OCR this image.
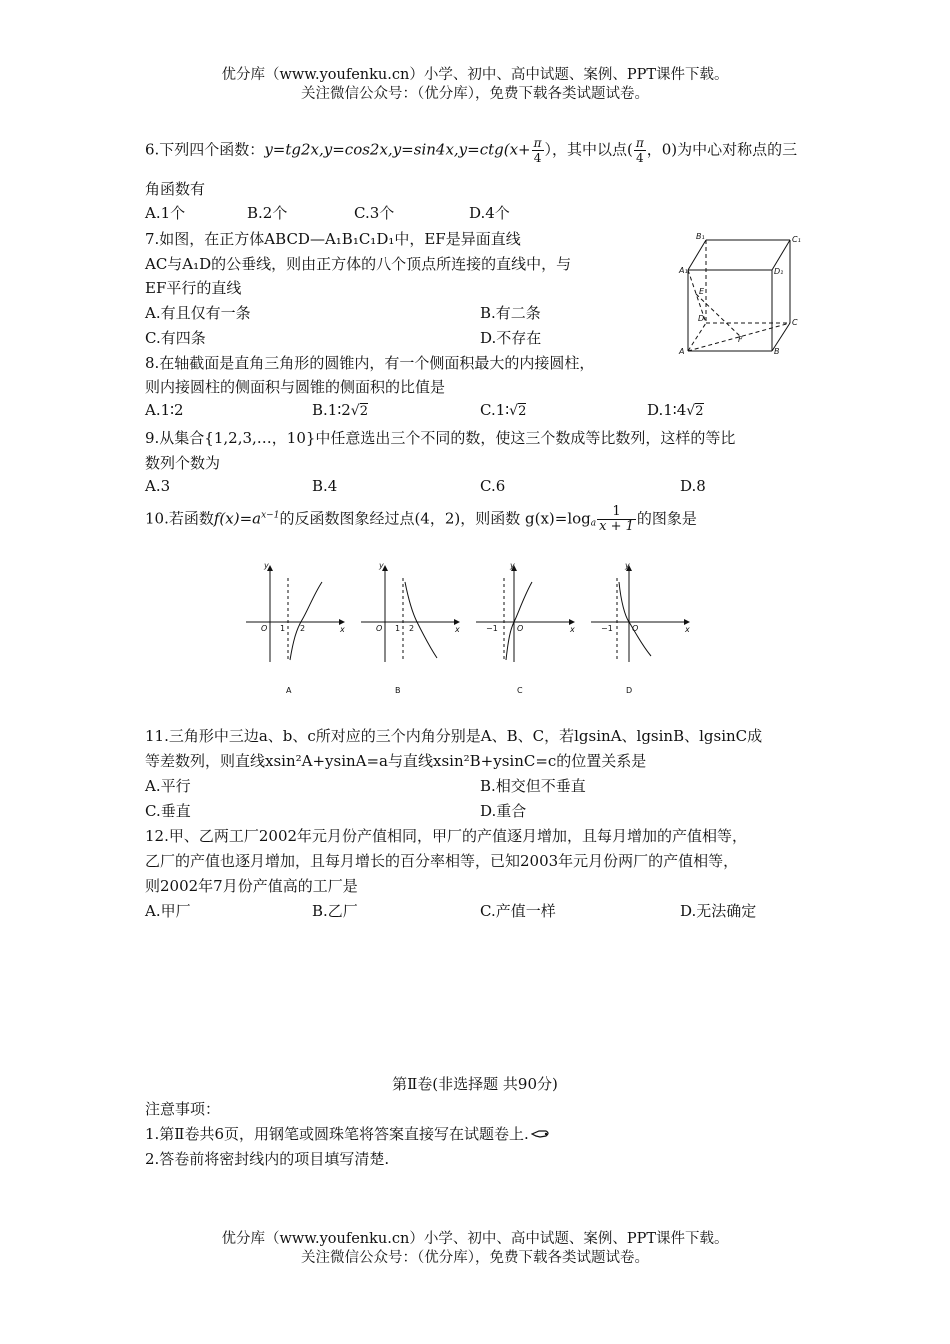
优分库（www.youfenku.cn）小学、初中、高中试题、案例、PPT课件下载。
关注微信公众号：（优分库），免费下载各类试题试卷。
6.下列四个函数：$y=tg2x,y=\cos 2x,y=\sin 4x,y=ctg(x+ \frac{\pi}{4}$ ），其中以点( $\frac{\pi}{4}$ ，0)为中心对称点的三
角函数有
A.1个	B.2个	C.3个	D.4个
7.如图，在正方体ABCD—A₁B₁C₁D₁中，EF是异面直线
AC与A₁D的公垂线，则由正方体的八个顶点所连接的直线中，与
EF平行的直线
A.有且仅有一条	B.有二条
C.有四条	D.不存在
B₁	C₁
A₁	D₁
E
D	C
A
F
B
8.在轴截面是直角三角形的圆锥内，有一个侧面积最大的内接圆柱，
则内接圆柱的侧面积与圆锥的侧面积的比值是
A.1∶2	B.1∶2 √ 2	C.1∶ √ 2	D.1∶4 √ 2
9.从集合{1,2,3,…，10}中任意选出三个不同的数，使这三个数成等比数列，这样的等比
数列个数为
A.3	B.4	C.6	D.8
10.若函数$f(x)=a^{x-1}$的反函数图象经过点(4，2)，则函数 $g(x)=\log_a \frac{1}{x + 1}$ 的图象是
y
x
O 1 2
A
y
x
O 1 2
B
y
x
−1 O
C
y
x
−1 O
D
11.三角形中三边a、b、c所对应的三个内角分别是A、B、C，若lgsinA、lgsinB、lgsinC成
等差数列，则直线xsin²A+ysinA=a与直线xsin²B+ysinC=c的位置关系是
A.平行	B.相交但不垂直
C.垂直	D.重合
12.甲、乙两工厂2002年元月份产值相同，甲厂的产值逐月增加，且每月增加的产值相等，
乙厂的产值也逐月增加，且每月增长的百分率相等，已知2003年元月份两厂的产值相等，
则2002年7月份产值高的工厂是
A.甲厂	B.乙厂	C.产值一样	D.无法确定
第Ⅱ卷(非选择题 共90分)
注意事项：
1.第Ⅱ卷共6页，用钢笔或圆珠笔将答案直接写在试题卷上.
2.答卷前将密封线内的项目填写清楚.
优分库（www.youfenku.cn）小学、初中、高中试题、案例、PPT课件下载。
关注微信公众号：（优分库），免费下载各类试题试卷。
